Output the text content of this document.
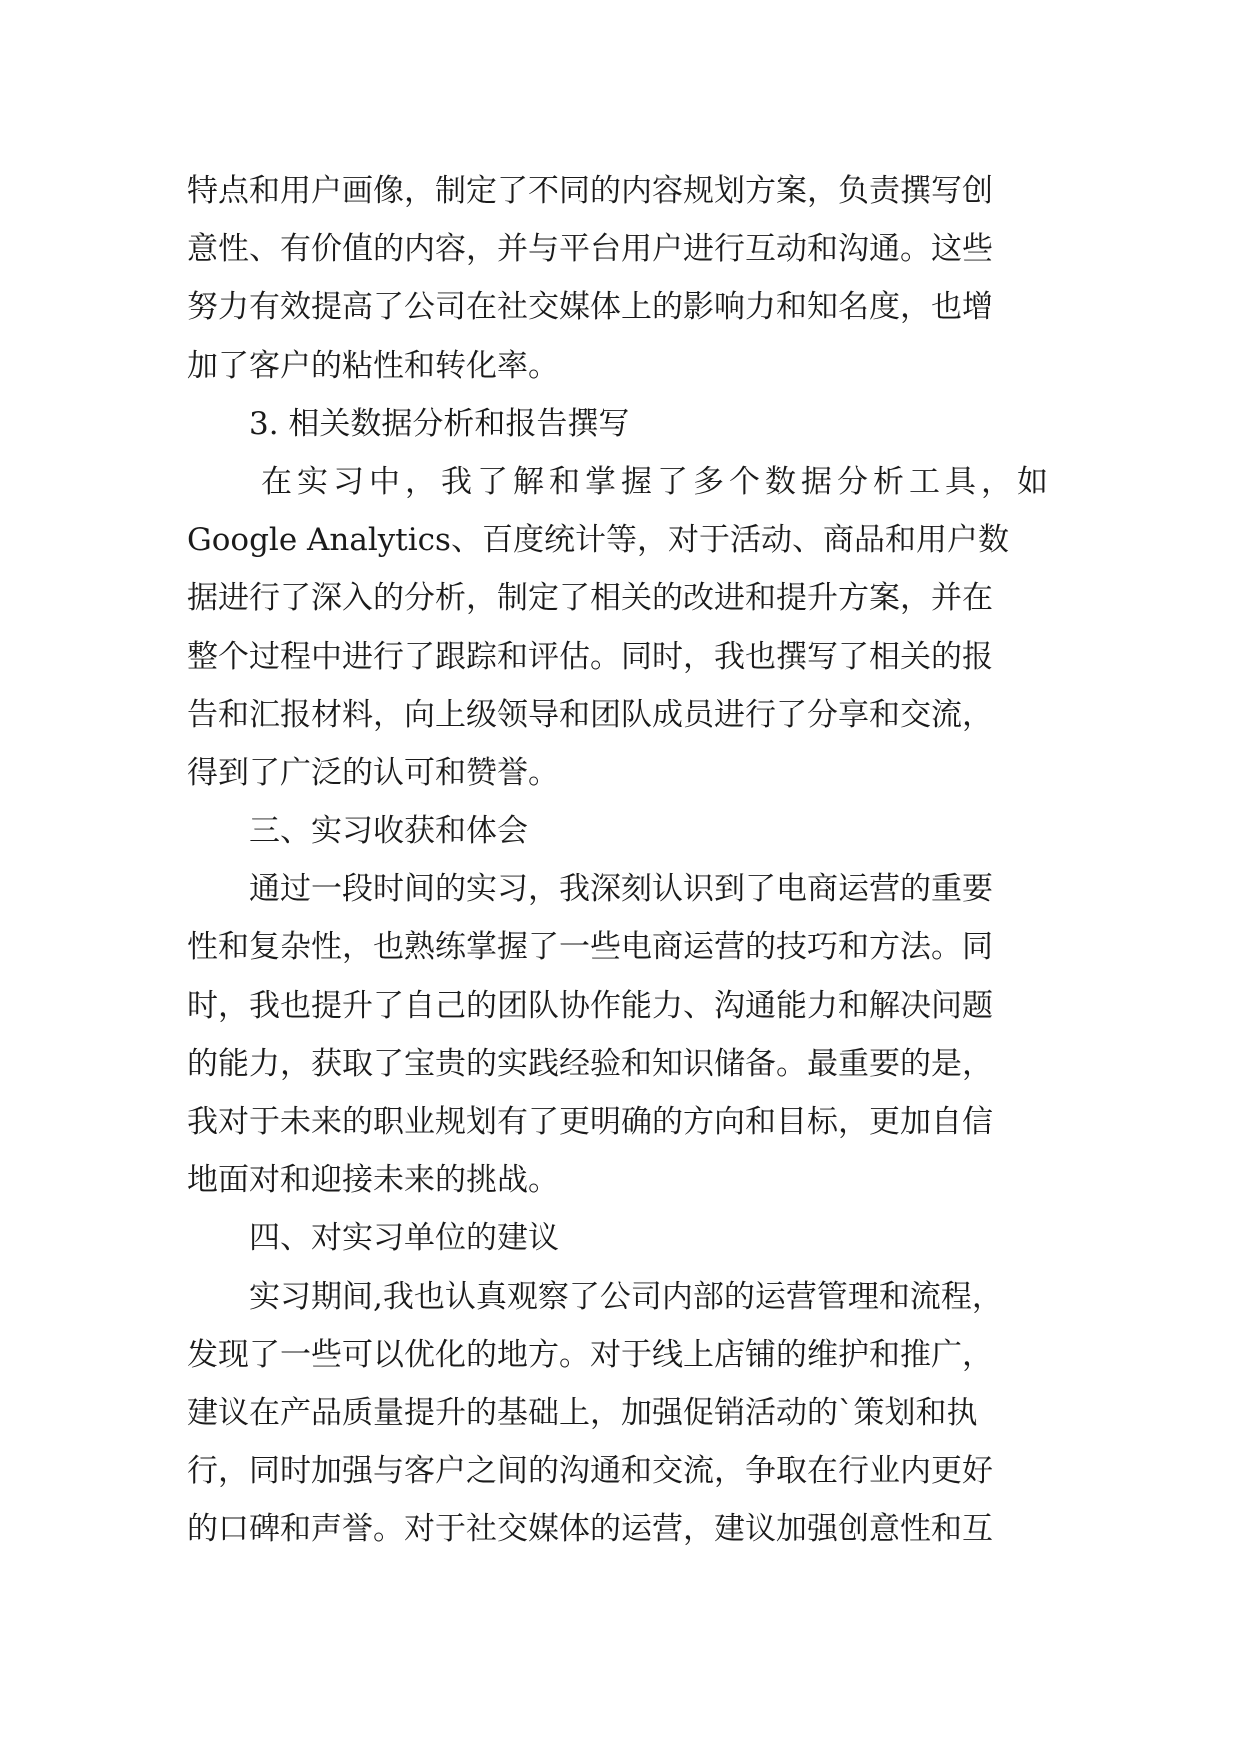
特点和用户画像，制定了不同的内容规划方案，负责撰写创
意性、有价值的内容，并与平台用户进行互动和沟通。这些
努力有效提高了公司在社交媒体上的影响力和知名度，也增
加了客户的粘性和转化率。
3. 相关数据分析和报告撰写
在实习中，我了解和掌握了多个数据分析工具，如
Google Analytics、百度统计等，对于活动、商品和用户数
据进行了深入的分析，制定了相关的改进和提升方案，并在
整个过程中进行了跟踪和评估。同时，我也撰写了相关的报
告和汇报材料，向上级领导和团队成员进行了分享和交流，
得到了广泛的认可和赞誉。
三、实习收获和体会
通过一段时间的实习，我深刻认识到了电商运营的重要
性和复杂性，也熟练掌握了一些电商运营的技巧和方法。同
时，我也提升了自己的团队协作能力、沟通能力和解决问题
的能力，获取了宝贵的实践经验和知识储备。最重要的是，
我对于未来的职业规划有了更明确的方向和目标，更加自信
地面对和迎接未来的挑战。
四、对实习单位的建议
实习期间,我也认真观察了公司内部的运营管理和流程，
发现了一些可以优化的地方。对于线上店铺的维护和推广，
建议在产品质量提升的基础上，加强促销活动的`策划和执
行，同时加强与客户之间的沟通和交流，争取在行业内更好
的口碑和声誉。对于社交媒体的运营，建议加强创意性和互
